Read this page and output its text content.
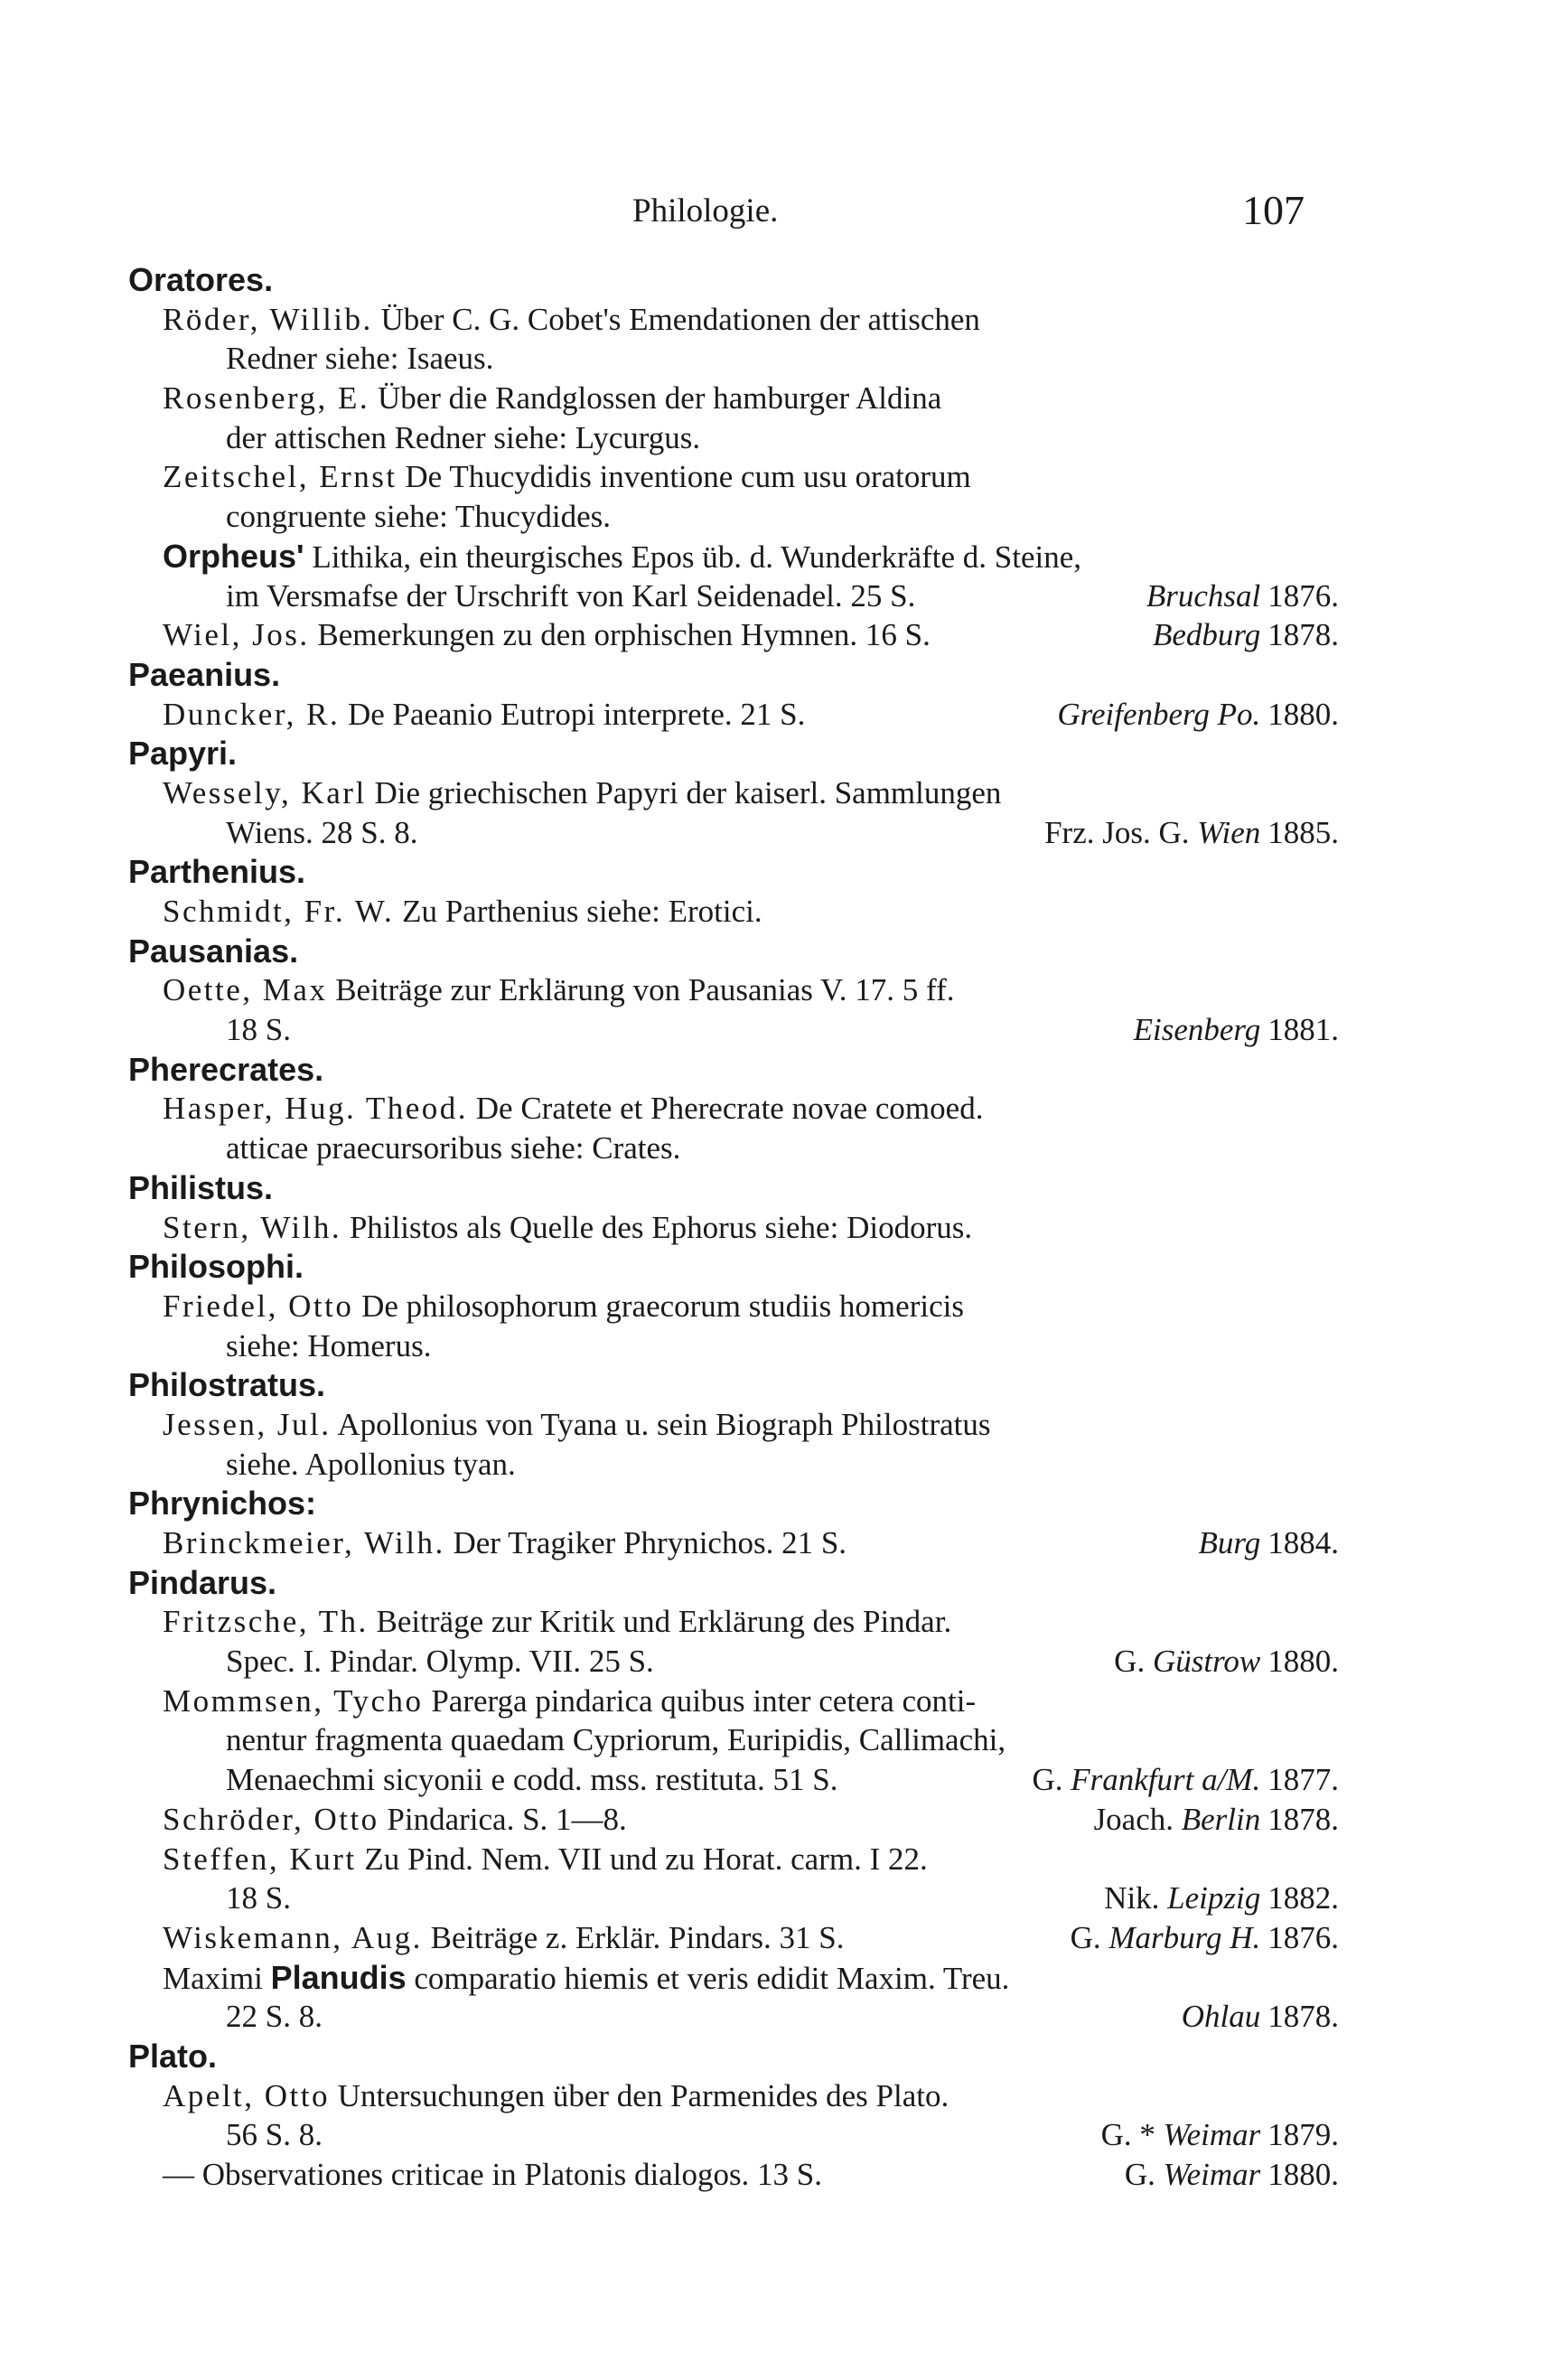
Philologie.	107
Oratores.
Röder, Willib. Über C. G. Cobet's Emendationen der attischen
Redner siehe: Isaeus.
Rosenberg, E. Über die Randglossen der hamburger Aldina
der attischen Redner siehe: Lycurgus.
Zeitschel, Ernst De Thucydidis inventione cum usu oratorum
congruente siehe: Thucydides.
Orpheus' Lithika, ein theurgisches Epos üb. d. Wunderkräfte d. Steine,
im Versmafse der Urschrift von Karl Seidenadel. 25 S.	Bruchsal 1876.
Wiel, Jos. Bemerkungen zu den orphischen Hymnen. 16 S.	Bedburg 1878.
Paeanius.
Duncker, R. De Paeanio Eutropi interprete. 21 S.	Greifenberg Po. 1880.
Papyri.
Wessely, Karl Die griechischen Papyri der kaiserl. Sammlungen
Wiens. 28 S. 8.	Frz. Jos. G. Wien 1885.
Parthenius.
Schmidt, Fr. W. Zu Parthenius siehe: Erotici.
Pausanias.
Oette, Max Beiträge zur Erklärung von Pausanias V. 17. 5 ff.
18 S.	Eisenberg 1881.
Pherecrates.
Hasper, Hug. Theod. De Cratete et Pherecrate novae comoed.
atticae praecursoribus siehe: Crates.
Philistus.
Stern, Wilh. Philistos als Quelle des Ephorus siehe: Diodorus.
Philosophi.
Friedel, Otto De philosophorum graecorum studiis homericis
siehe: Homerus.
Philostratus.
Jessen, Jul. Apollonius von Tyana u. sein Biograph Philostratus
siehe. Apollonius tyan.
Phrynichos:
Brinckmeier, Wilh. Der Tragiker Phrynichos. 21 S.	Burg 1884.
Pindarus.
Fritzsche, Th. Beiträge zur Kritik und Erklärung des Pindar.
Spec. I. Pindar. Olymp. VII. 25 S.	G. Güstrow 1880.
Mommsen, Tycho Parerga pindarica quibus inter cetera conti-
nentur fragmenta quaedam Cypriorum, Euripidis, Callimachi,
Menaechmi sicyonii e codd. mss. restituta. 51 S.	G. Frankfurt a/M. 1877.
Schröder, Otto Pindarica. S. 1—8.	Joach. Berlin 1878.
Steffen, Kurt Zu Pind. Nem. VII und zu Horat. carm. I 22.
18 S.	Nik. Leipzig 1882.
Wiskemann, Aug. Beiträge z. Erklär. Pindars. 31 S.	G. Marburg H. 1876.
Maximi Planudis comparatio hiemis et veris edidit Maxim. Treu.
22 S. 8.	Ohlau 1878.
Plato.
Apelt, Otto Untersuchungen über den Parmenides des Plato.
56 S. 8.	G. * Weimar 1879.
— Observationes criticae in Platonis dialogos. 13 S.	G. Weimar 1880.
